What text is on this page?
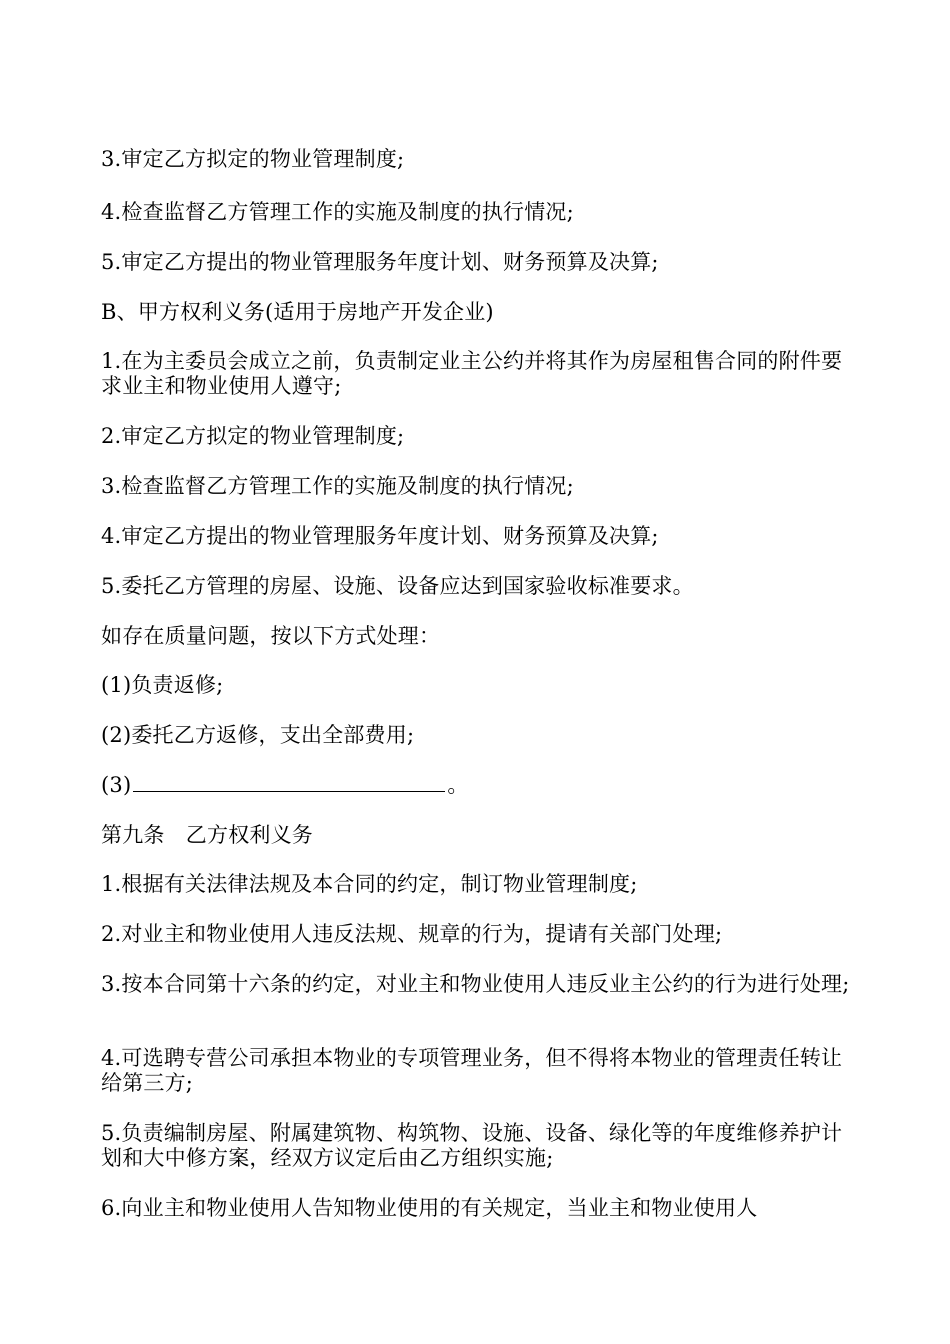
3.审定乙方拟定的物业管理制度;
4.检查监督乙方管理工作的实施及制度的执行情况;
5.审定乙方提出的物业管理服务年度计划、财务预算及决算;
B、甲方权利义务(适用于房地产开发企业)
1.在为主委员会成立之前，负责制定业主公约并将其作为房屋租售合同的附件要求业主和物业使用人遵守;
2.审定乙方拟定的物业管理制度;
3.检查监督乙方管理工作的实施及制度的执行情况;
4.审定乙方提出的物业管理服务年度计划、财务预算及决算;
5.委托乙方管理的房屋、设施、设备应达到国家验收标准要求。
如存在质量问题，按以下方式处理：
(1)负责返修;
(2)委托乙方返修，支出全部费用;
(3)	。
第九条　乙方权利义务
1.根据有关法律法规及本合同的约定，制订物业管理制度;
2.对业主和物业使用人违反法规、规章的行为，提请有关部门处理;
3.按本合同第十六条的约定，对业主和物业使用人违反业主公约的行为进行处理;
4.可选聘专营公司承担本物业的专项管理业务，但不得将本物业的管理责任转让给第三方;
5.负责编制房屋、附属建筑物、构筑物、设施、设备、绿化等的年度维修养护计划和大中修方案，经双方议定后由乙方组织实施;
6.向业主和物业使用人告知物业使用的有关规定，当业主和物业使用人
